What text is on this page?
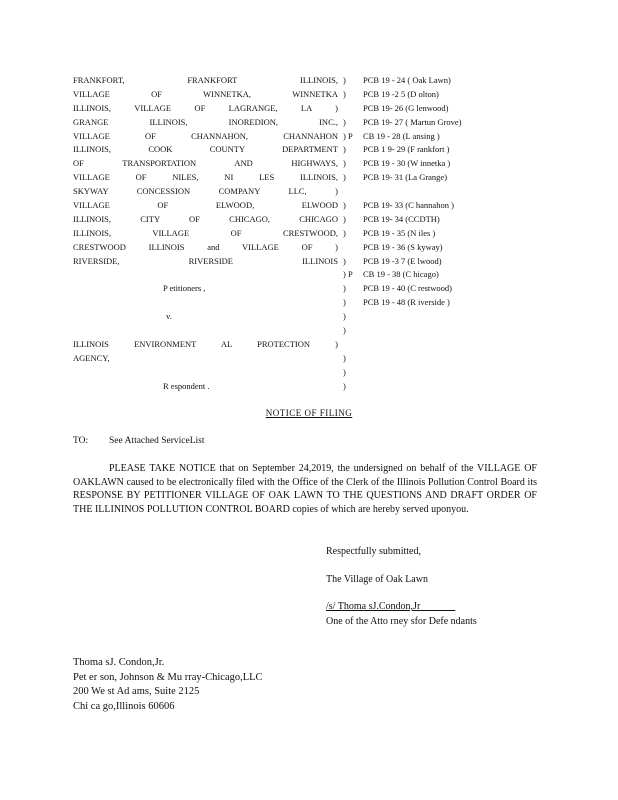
FRANKFORT, FRANKFORT ILLINOIS, ) PCB 19 - 24 ( Oak Lawn)
VILLAGE OF WINNETKA, WINNETKA ) PCB 19 -2 5 (D olton)
ILLINOIS, VILLAGE OF LAGRANGE, LA )	PCB 19- 26 (G lenwood)
GRANGE ILLINOIS, INOREDION, INC., ) PCB 19- 27 ( Martun Grove)
VILLAGE OF CHANNAHON, CHANNAHON ) P CB 19 - 28 (L ansing )
ILLINOIS, COOK COUNTY DEPARTMENT ) PCB 1 9- 29 (F rankfort )
OF TRANSPORTATION AND HIGHWAYS, ) PCB 19 - 30 (W innetka )
VILLAGE OF NILES, NI LES ILLINOIS, ) PCB 19- 31 (La Grange)
SKYWAY CONCESSION COMPANY LLC, )
VILLAGE OF ELWOOD, ELWOOD ) PCB 19- 33 (C hannahon )
ILLINOIS, CITY OF CHICAGO, CHICAGO ) PCB 19- 34 (CCDTH)
ILLINOIS, VILLAGE OF CRESTWOOD, ) PCB 19 - 35 (N iles )
CRESTWOOD ILLINOIS and VILLAGE OF )	PCB 19 - 36 (S kyway)
RIVERSIDE, RIVERSIDE ILLINOIS ) PCB 19 -3 7 (E lwood)
) P CB 19 - 38 (C hicago)
P etitioners ,	) PCB 19 - 40 (C restwood)
) PCB 19 - 48 (R iverside )
v.	)
)
ILLINOIS ENVIRONMENT AL PROTECTION )
AGENCY,	)
)
R espondent .	)
NOTICE OF FILING
TO: See Attached ServiceList
PLEASE TAKE NOTICE that on September 24,2019, the undersigned on behalf of the VILLAGE OF OAKLAWN caused to be electronically filed with the Office of the Clerk of the Illinois Pollution Control Board its RESPONSE BY PETITIONER VILLAGE OF OAK LAWN TO THE QUESTIONS AND DRAFT ORDER OF THE ILLININOS POLLUTION CONTROL BOARD copies of which are hereby served uponyou.
Respectfully submitted,
The Village of Oak Lawn
/s/ Thoma sJ.Condon,Jr
One of the Atto rney sfor Defe ndants
Thoma sJ. Condon,Jr.
Pet er son, Johnson & Mu rray-Chicago,LLC
200 We st Ad ams, Suite 2125
Chi ca go,Illinois 60606
